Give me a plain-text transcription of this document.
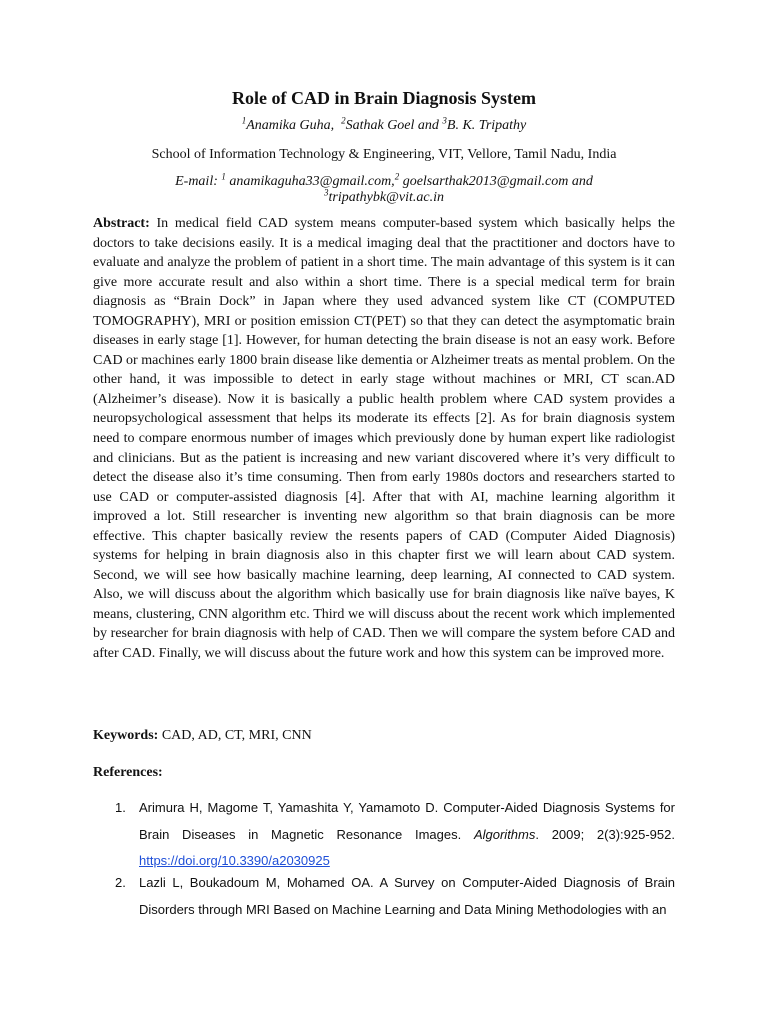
Role of CAD in Brain Diagnosis System
$^1$Anamika Guha, $^2$Sathak Goel and $^3$B. K. Tripathy
School of Information Technology & Engineering, VIT, Vellore, Tamil Nadu, India
E-mail: $^1$ anamikaguha33@gmail.com,$^2$ goelsarthak2013@gmail.com and
$^3$tripathybk@vit.ac.in
Abstract: In medical field CAD system means computer-based system which basically helps the doctors to take decisions easily. It is a medical imaging deal that the practitioner and doctors have to evaluate and analyze the problem of patient in a short time. The main advantage of this system is it can give more accurate result and also within a short time. There is a special medical term for brain diagnosis as “Brain Dock” in Japan where they used advanced system like CT (COMPUTED TOMOGRAPHY), MRI or position emission CT(PET) so that they can detect the asymptomatic brain diseases in early stage [1]. However, for human detecting the brain disease is not an easy work. Before CAD or machines early 1800 brain disease like dementia or Alzheimer treats as mental problem. On the other hand, it was impossible to detect in early stage without machines or MRI, CT scan.AD (Alzheimer’s disease). Now it is basically a public health problem where CAD system provides a neuropsychological assessment that helps its moderate its effects [2]. As for brain diagnosis system need to compare enormous number of images which previously done by human expert like radiologist and clinicians. But as the patient is increasing and new variant discovered where it’s very difficult to detect the disease also it’s time consuming. Then from early 1980s doctors and researchers started to use CAD or computer-assisted diagnosis [4]. After that with AI, machine learning algorithm it improved a lot. Still researcher is inventing new algorithm so that brain diagnosis can be more effective. This chapter basically review the resents papers of CAD (Computer Aided Diagnosis) systems for helping in brain diagnosis also in this chapter first we will learn about CAD system. Second, we will see how basically machine learning, deep learning, AI connected to CAD system. Also, we will discuss about the algorithm which basically use for brain diagnosis like naïve bayes, K means, clustering, CNN algorithm etc. Third we will discuss about the recent work which implemented by researcher for brain diagnosis with help of CAD. Then we will compare the system before CAD and after CAD. Finally, we will discuss about the future work and how this system can be improved more.
Keywords: CAD, AD, CT, MRI, CNN
References:
1. Arimura H, Magome T, Yamashita Y, Yamamoto D. Computer-Aided Diagnosis Systems for Brain Diseases in Magnetic Resonance Images. Algorithms. 2009; 2(3):925-952. https://doi.org/10.3390/a2030925
2. Lazli L, Boukadoum M, Mohamed OA. A Survey on Computer-Aided Diagnosis of Brain Disorders through MRI Based on Machine Learning and Data Mining Methodologies with an
